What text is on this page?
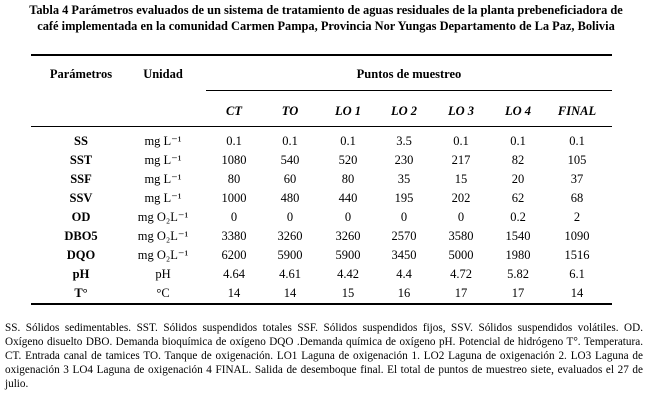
Tabla 4 Parámetros evaluados de un sistema de tratamiento de aguas residuales de la planta prebeneficiadora de
café implementada en la comunidad Carmen Pampa, Provincia Nor Yungas Departamento de La Paz, Bolivia
Parámetros	Unidad	Puntos de muestreo
CT	TO	LO 1	LO 2	LO 3	LO 4	FINAL
SS	mg L⁻¹	0.1	0.1	0.1	3.5	0.1	0.1	0.1
SST	mg L⁻¹	1080	540	520	230	217	82	105
SSF	mg L⁻¹	80	60	80	35	15	20	37
SSV	mg L⁻¹	1000	480	440	195	202	62	68
OD	mg O₂L⁻¹	0	0	0	0	0	0.2	2
DBO5	mg O₂L⁻¹	3380	3260	3260	2570	3580	1540	1090
DQO	mg O₂L⁻¹	6200	5900	5900	3450	5000	1980	1516
pH	pH	4.64	4.61	4.42	4.4	4.72	5.82	6.1
T°	°C	14	14	15	16	17	17	14
SS. Sólidos sedimentables. SST. Sólidos suspendidos totales SSF. Sólidos suspendidos fijos, SSV. Sólidos suspendidos volátiles. OD. Oxígeno disuelto DBO. Demanda bioquímica de oxígeno DQO .Demanda química de oxígeno pH. Potencial de hidrógeno T°. Temperatura. CT. Entrada canal de tamices TO. Tanque de oxigenación. LO1 Laguna de oxigenación 1. LO2 Laguna de oxigenación 2. LO3 Laguna de oxigenación 3 LO4 Laguna de oxigenación 4 FINAL. Salida de desemboque final. El total de puntos de muestreo siete, evaluados el 27 de julio.
